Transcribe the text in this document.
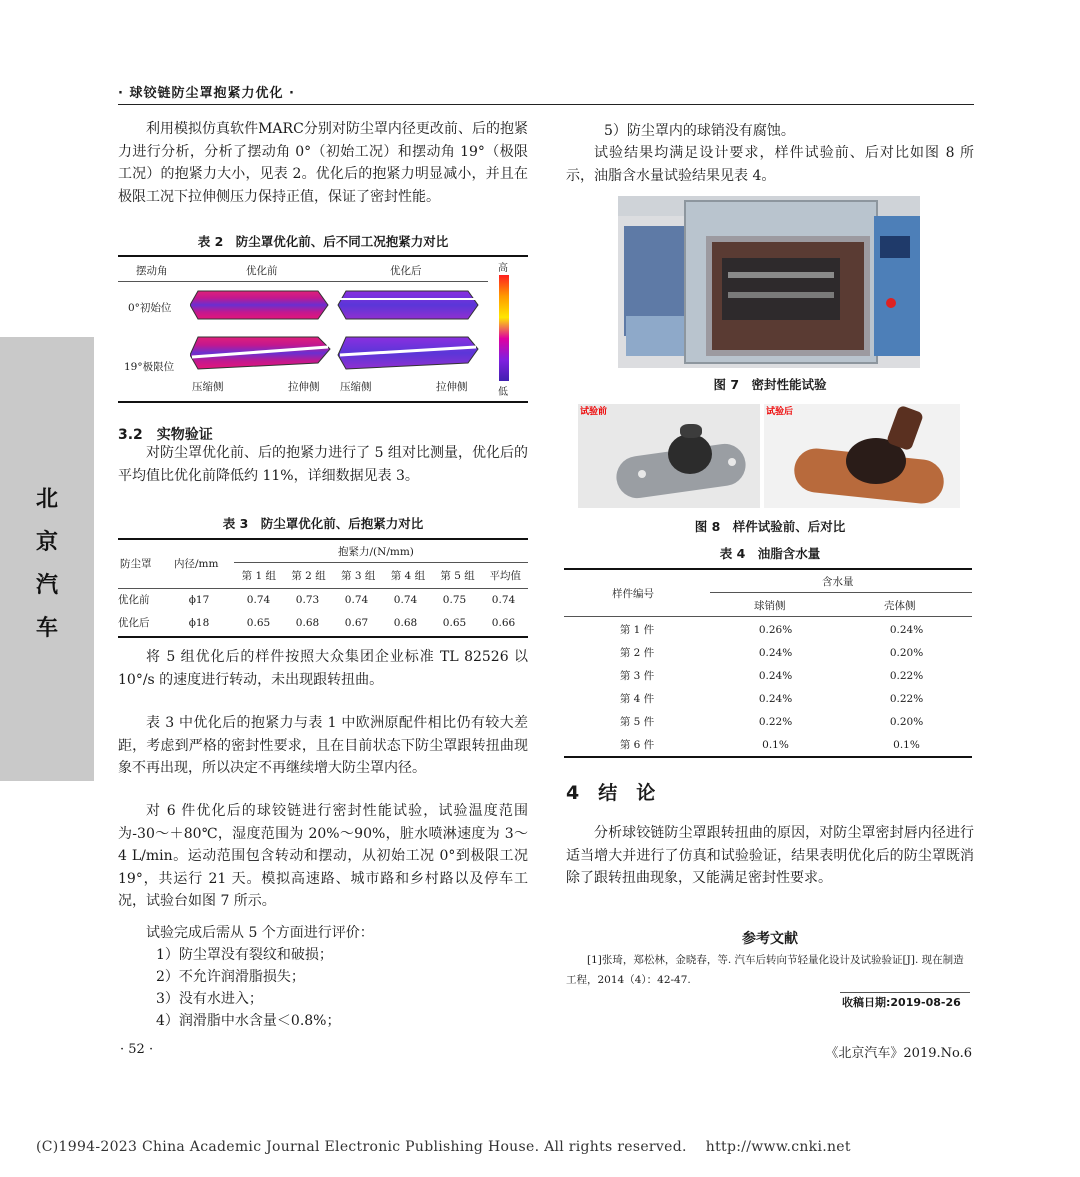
· 球铰链防尘罩抱紧力优化 ·
北
京
汽
车
利用模拟仿真软件MARC分别对防尘罩内径更改前、后的抱紧力进行分析，分析了摆动角 0°（初始工况）和摆动角 19°（极限工况）的抱紧力大小，见表 2。优化后的抱紧力明显减小，并且在极限工况下拉伸侧压力保持正值，保证了密封性能。
表 2　防尘罩优化前、后不同工况抱紧力对比
摆动角	优化前	优化后
0°初始位
19°极限位
高
低
压缩侧	拉伸侧 压缩侧	拉伸侧
3.2　实物验证
对防尘罩优化前、后的抱紧力进行了 5 组对比测量，优化后的平均值比优化前降低约 11%，详细数据见表 3。
表 3　防尘罩优化前、后抱紧力对比
防尘罩 内径/mm
抱紧力/(N/mm)
第 1 组	第 2 组	第 3 组	第 4 组	第 5 组	平均值
优化前	ϕ17	0.74	0.73	0.74	0.74	0.75	0.74
优化后	ϕ18	0.65	0.68	0.67	0.68	0.65	0.66
将 5 组优化后的样件按照大众集团企业标准 TL 82526 以 10°/s 的速度进行转动，未出现跟转扭曲。
表 3 中优化后的抱紧力与表 1 中欧洲原配件相比仍有较大差距，考虑到严格的密封性要求，且在目前状态下防尘罩跟转扭曲现象不再出现，所以决定不再继续增大防尘罩内径。
对 6 件优化后的球铰链进行密封性能试验，试验温度范围为-30～＋80℃，湿度范围为 20%～90%，脏水喷淋速度为 3～4 L/min。运动范围包含转动和摆动，从初始工况 0°到极限工况 19°，共运行 21 天。模拟高速路、城市路和乡村路以及停车工况，试验台如图 7 所示。
试验完成后需从 5 个方面进行评价：
1）防尘罩没有裂纹和破损；
2）不允许润滑脂损失；
3）没有水进入；
4）润滑脂中水含量＜0.8%；
5）防尘罩内的球销没有腐蚀。
试验结果均满足设计要求，样件试验前、后对比如图 8 所示，油脂含水量试验结果见表 4。
图 7　密封性能试验
试验前	试验后
图 8　样件试验前、后对比
表 4　油脂含水量
样件编号
含水量
球销侧	壳体侧
第 1 件	0.26%	0.24%
第 2 件	0.24%	0.20%
第 3 件	0.24%	0.22%
第 4 件	0.24%	0.22%
第 5 件	0.22%	0.20%
第 6 件	0.1%	0.1%
4　结　论
分析球铰链防尘罩跟转扭曲的原因，对防尘罩密封唇内径进行适当增大并进行了仿真和试验验证，结果表明优化后的防尘罩既消除了跟转扭曲现象，又能满足密封性要求。
参考文献
[1]张琦，郑松林，金晓春，等. 汽车后转向节轻量化设计及试验验证[J]. 现在制造工程，2014（4）：42-47.
收稿日期:2019-08-26
· 52 ·	《北京汽车》2019.No.6
(C)1994-2023 China Academic Journal Electronic Publishing House. All rights reserved.　 http://www.cnki.net
